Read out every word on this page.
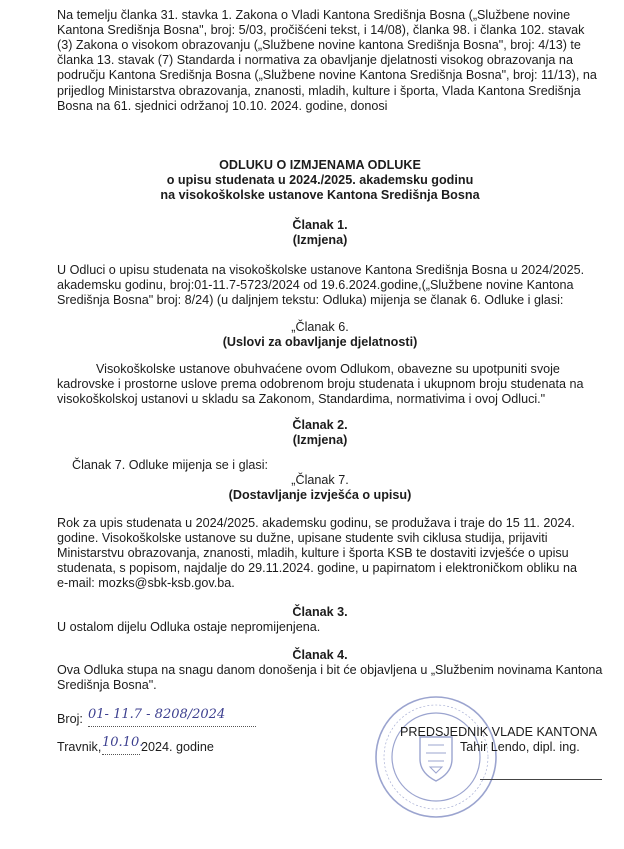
Na temelju članka 31. stavka 1. Zakona o Vladi Kantona Središnja Bosna („Službene novine
Kantona Središnja Bosna", broj: 5/03, pročišćeni tekst, i 14/08), članka 98. i članka 102. stavak
(3) Zakona o visokom obrazovanju („Službene novine kantona Središnja Bosna", broj: 4/13) te
članka 13. stavak (7) Standarda i normativa za obavljanje djelatnosti visokog obrazovanja na
području Kantona Središnja Bosna („Službene novine Kantona Središnja Bosna", broj: 11/13), na
prijedlog Ministarstva obrazovanja, znanosti, mladih, kulture i športa, Vlada Kantona Središnja
Bosna na 61. sjednici održanoj 10.10. 2024. godine, donosi
ODLUKU O IZMJENAMA ODLUKE
o upisu studenata u 2024./2025. akademsku godinu
na visokoškolske ustanove Kantona Središnja Bosna
Članak 1.
(Izmjena)
U Odluci o upisu studenata na visokoškolske ustanove Kantona Središnja Bosna u 2024/2025.
akademsku godinu, broj:01-11.7-5723/2024 od 19.6.2024.godine,(„Službene novine Kantona
Središnja Bosna" broj: 8/24) (u daljnjem tekstu: Odluka) mijenja se članak 6. Odluke i glasi:
„Članak 6.
(Uslovi za obavljanje djelatnosti)
Visokoškolske ustanove obuhvaćene ovom Odlukom, obavezne su upotpuniti svoje
kadrovske i prostorne uslove prema odobrenom broju studenata i ukupnom broju studenata na
visokoškolskoj ustanovi u skladu sa Zakonom, Standardima, normativima i ovoj Odluci."
Članak 2.
(Izmjena)
Članak 7. Odluke mijenja se i glasi:
„Članak 7.
(Dostavljanje izvješća o upisu)
Rok za upis studenata u 2024/2025. akademsku godinu, se produžava i traje do 15 11. 2024.
godine. Visokoškolske ustanove su dužne, upisane studente svih ciklusa studija, prijaviti
Ministarstvu obrazovanja, znanosti, mladih, kulture i športa KSB te dostaviti izvješće o upisu
studenata, s popisom, najdalje do 29.11.2024. godine, u papirnatom i elektroničkom obliku na
e-mail: mozks@sbk-ksb.gov.ba.
Članak 3.
U ostalom dijelu Odluka ostaje nepromijenjena.
Članak 4.
Ova Odluka stupa na snagu danom donošenja i bit će objavljena u „Službenim novinama Kantona
Središnja Bosna".
Broj: 01- 11.7 - 8208/2024
Travnik, 10.10.
2024. godine
PREDSJEDNIK VLADE KANTONA
Tahir Lendo, dipl. ing.
